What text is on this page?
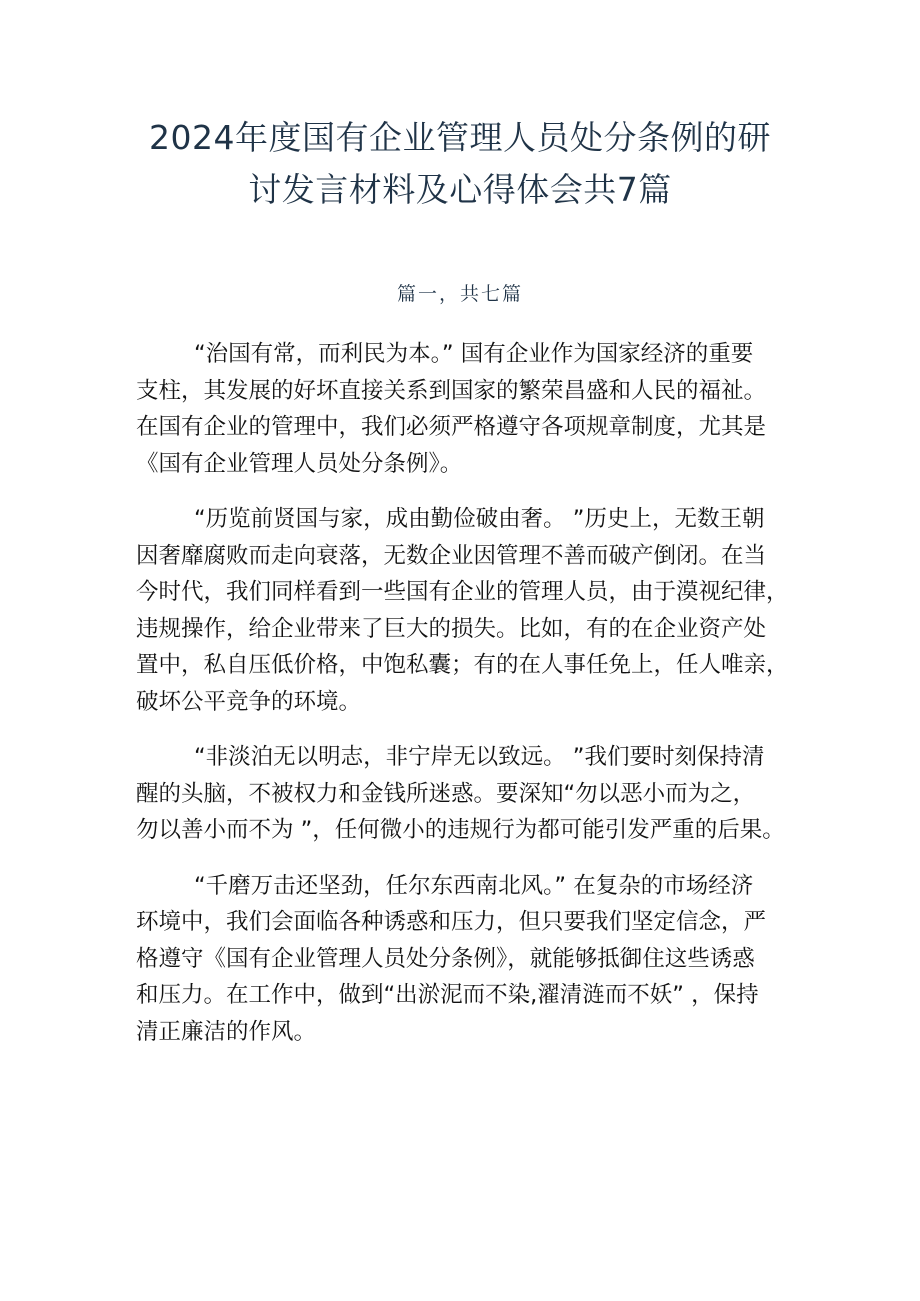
2024年度国有企业管理人员处分条例的研
讨发言材料及心得体会共7篇
篇一，共七篇
“治国有常，而利民为本。” 国有企业作为国家经济的重要
支柱，其发展的好坏直接关系到国家的繁荣昌盛和人民的福祉。
在国有企业的管理中，我们必须严格遵守各项规章制度，尤其是
《国有企业管理人员处分条例》。
“历览前贤国与家，成由勤俭破由奢。 ”历史上，无数王朝
因奢靡腐败而走向衰落，无数企业因管理不善而破产倒闭。在当
今时代，我们同样看到一些国有企业的管理人员，由于漠视纪律，
违规操作，给企业带来了巨大的损失。比如，有的在企业资产处
置中，私自压低价格，中饱私囊；有的在人事任免上，任人唯亲，
破坏公平竞争的环境。
“非淡泊无以明志，非宁岸无以致远。 ”我们要时刻保持清
醒的头脑，不被权力和金钱所迷惑。要深知“勿以恶小而为之，
勿以善小而不为 ”，任何微小的违规行为都可能引发严重的后果。
“千磨万击还坚劲，任尔东西南北风。” 在复杂的市场经济
环境中，我们会面临各种诱惑和压力，但只要我们坚定信念，严
格遵守《国有企业管理人员处分条例》，就能够抵御住这些诱惑
和压力。在工作中，做到“出淤泥而不染,濯清涟而不妖” ，保持
清正廉洁的作风。
